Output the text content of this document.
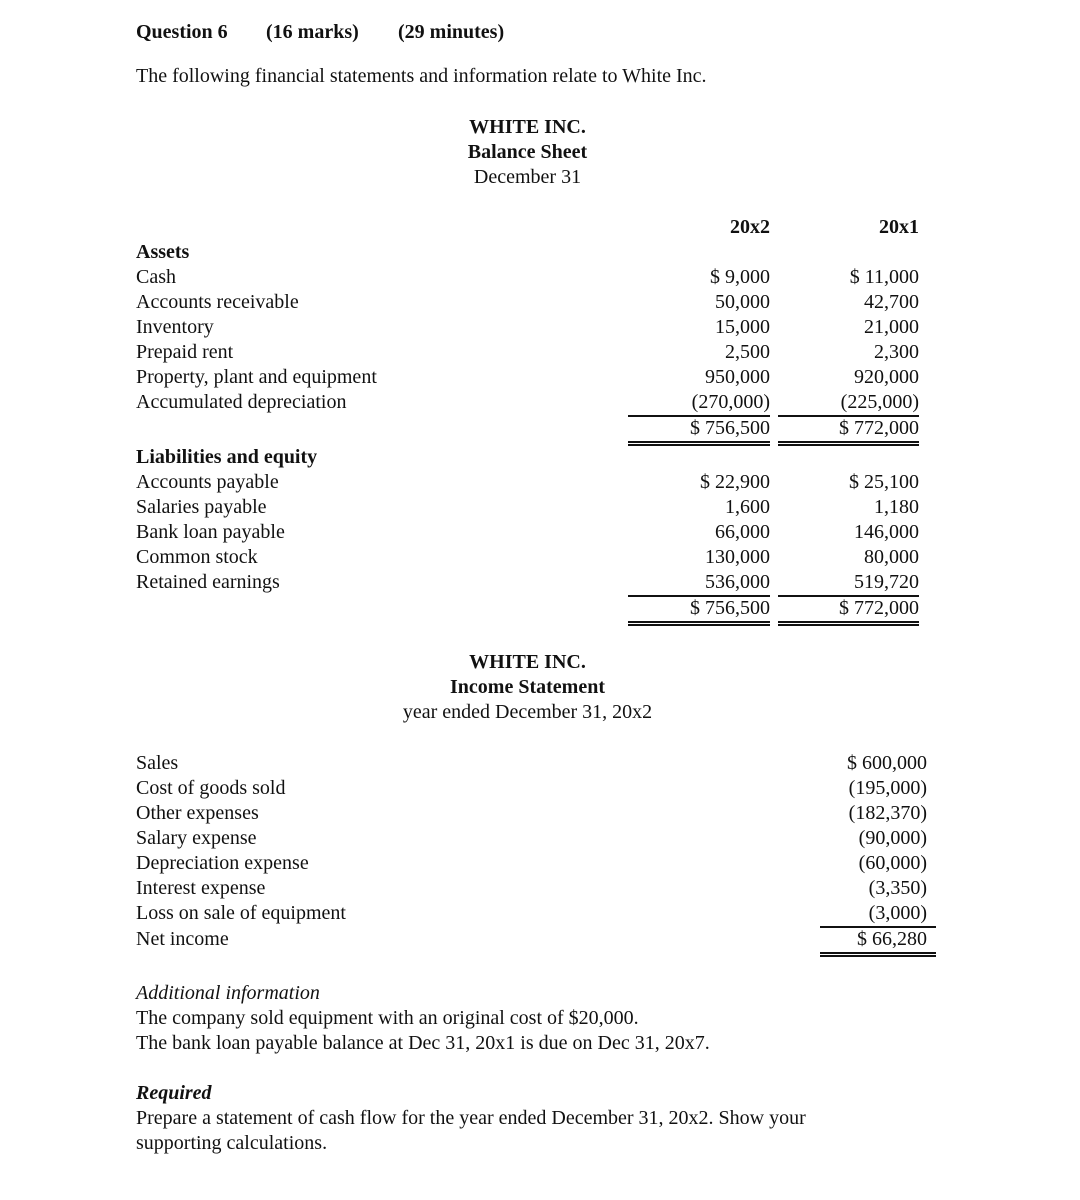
Question 6 (16 marks) (29 minutes)
The following financial statements and information relate to White Inc.
WHITE INC.
Balance Sheet
December 31
20x2	20x1
Assets
Cash	$ 9,000	$ 11,000
Accounts receivable	50,000	42,700
Inventory	15,000	21,000
Prepaid rent	2,500	2,300
Property, plant and equipment	950,000	920,000
Accumulated depreciation	(270,000)	(225,000)
$ 756,500	$ 772,000
Liabilities and equity
Accounts payable	$ 22,900	$ 25,100
Salaries payable	1,600	1,180
Bank loan payable	66,000	146,000
Common stock	130,000	80,000
Retained earnings	536,000	519,720
$ 756,500	$ 772,000
WHITE INC.
Income Statement
year ended December 31, 20x2
Sales	$ 600,000
Cost of goods sold	(195,000)
Other expenses	(182,370)
Salary expense	(90,000)
Depreciation expense	(60,000)
Interest expense	(3,350)
Loss on sale of equipment	(3,000)
Net income	$ 66,280
Additional information
The company sold equipment with an original cost of $20,000.
The bank loan payable balance at Dec 31, 20x1 is due on Dec 31, 20x7.
Required
Prepare a statement of cash flow for the year ended December 31, 20x2. Show your
supporting calculations.
